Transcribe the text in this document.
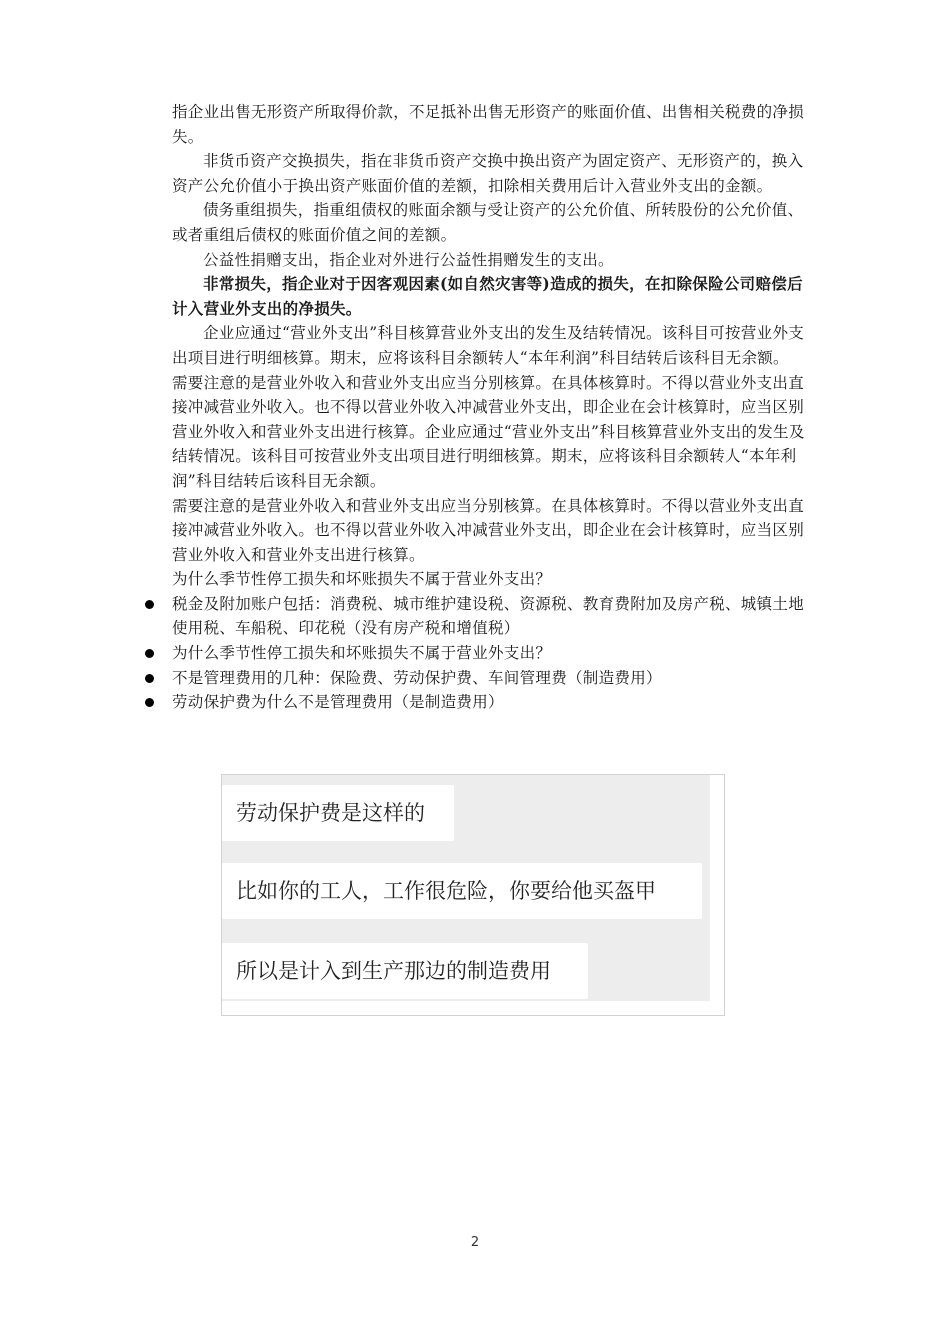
指企业出售无形资产所取得价款，不足抵补出售无形资产的账面价值、出售相关税费的净损失。

非货币资产交换损失，指在非货币资产交换中换出资产为固定资产、无形资产的，换入资产公允价值小于换出资产账面价值的差额，扣除相关费用后计入营业外支出的金额。

债务重组损失，指重组债权的账面余额与受让资产的公允价值、所转股份的公允价值、或者重组后债权的账面价值之间的差额。

公益性捐赠支出，指企业对外进行公益性捐赠发生的支出。

非常损失，指企业对于因客观因素(如自然灾害等)造成的损失，在扣除保险公司赔偿后计入营业外支出的净损失。

企业应通过“营业外支出”科目核算营业外支出的发生及结转情况。该科目可按营业外支出项目进行明细核算。期末，应将该科目余额转人“本年利润”科目结转后该科目无余额。

需要注意的是营业外收入和营业外支出应当分别核算。在具体核算时。不得以营业外支出直接冲减营业外收入。也不得以营业外收入冲减营业外支出，即企业在会计核算时，应当区别营业外收入和营业外支出进行核算。企业应通过“营业外支出”科目核算营业外支出的发生及结转情况。该科目可按营业外支出项目进行明细核算。期末，应将该科目余额转人“本年利润”科目结转后该科目无余额。

需要注意的是营业外收入和营业外支出应当分别核算。在具体核算时。不得以营业外支出直接冲减营业外收入。也不得以营业外收入冲减营业外支出，即企业在会计核算时，应当区别营业外收入和营业外支出进行核算。

为什么季节性停工损失和坏账损失不属于营业外支出？

税金及附加账户包括：消费税、城市维护建设税、资源税、教育费附加及房产税、城镇土地使用税、车船税、印花税（没有房产税和增值税）
为什么季节性停工损失和坏账损失不属于营业外支出？
不是管理费用的几种：保险费、劳动保护费、车间管理费（制造费用）
劳动保护费为什么不是管理费用（是制造费用）
劳动保护费是这样的
比如你的工人，工作很危险，你要给他买盔甲
所以是计入到生产那边的制造费用
2
